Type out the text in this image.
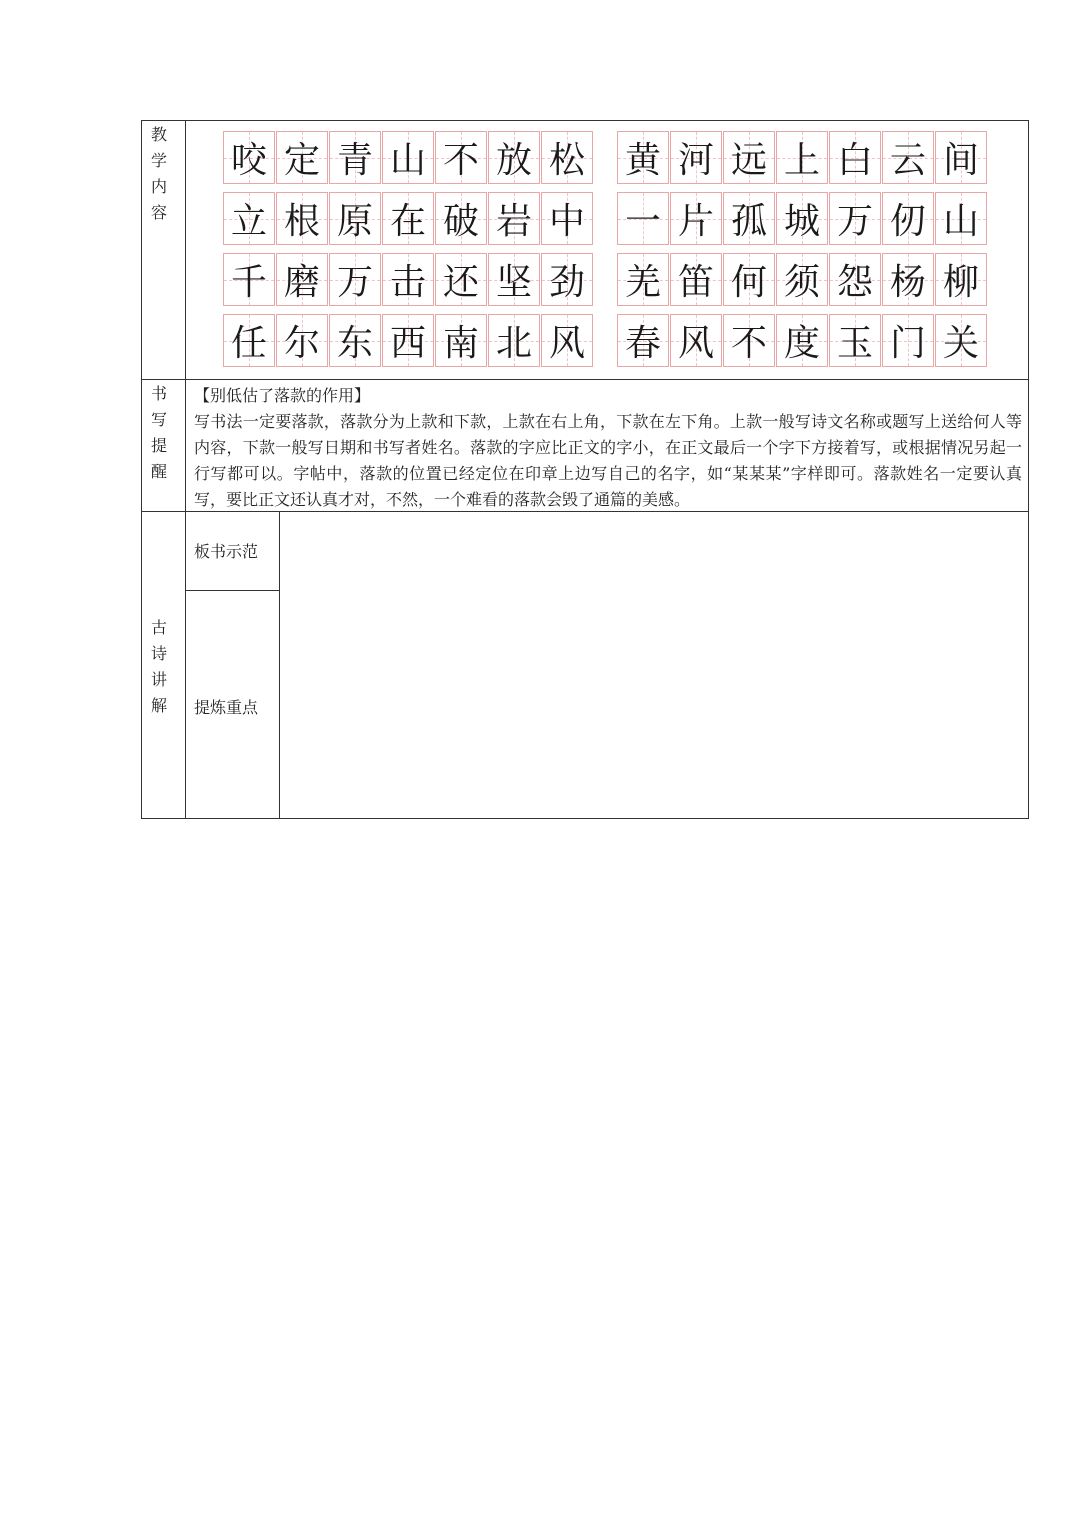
教
学
内
容
书
写
提
醒
古
诗
讲
解
咬 定 青 山 不 放 松
立 根 原 在 破 岩 中
千 磨 万 击 还 坚 劲
任 尔 东 西 南 北 风
黄 河 远 上 白 云 间
一 片 孤 城 万 仞 山
羌 笛 何 须 怨 杨 柳
春 风 不 度 玉 门 关

【别低估了落款的作用】

写书法一定要落款，落款分为上款和下款，上款在右上角，下款在左下角。上款一般写诗文名称或题写上送给何人等内容，下款一般写日期和书写者姓名。落款的字应比正文的字小，在正文最后一个字下方接着写，或根据情况另起一行写都可以。字帖中，落款的位置已经定位在印章上边写自己的名字，如“某某某”字样即可。落款姓名一定要认真写，要比正文还认真才对，不然，一个难看的落款会毁了通篇的美感。

板书示范
提炼重点
